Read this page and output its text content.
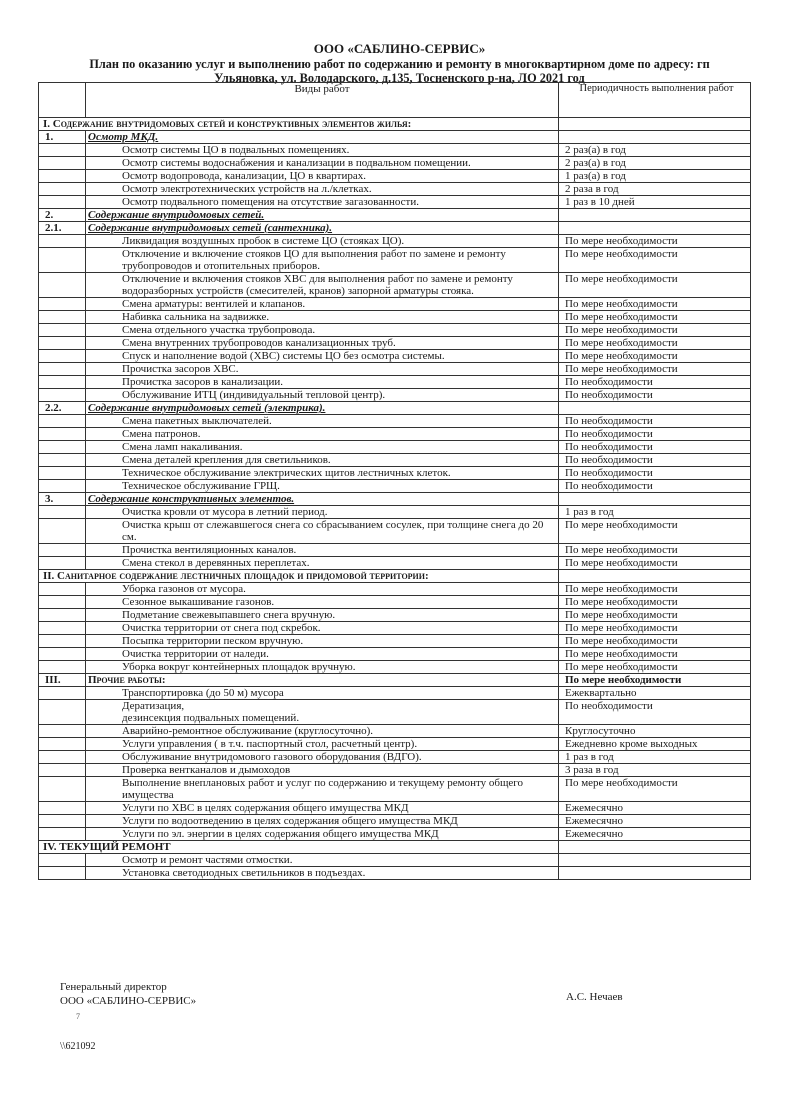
ООО «САБЛИНО-СЕРВИС»
План по оказанию услуг и выполнению работ по содержанию и ремонту в многоквартирном доме по адресу: гп
Ульяновка, ул. Володарского, д.135, Тосненского р-на, ЛО 2021 год
	Виды работ	Периодичность выполнения работ
I. Содержание внутридомовых сетей и конструктивных элементов жилья:		
1.	Осмотр МКД.	
	Осмотр системы ЦО в подвальных помещениях.	2 раз(а) в год
	Осмотр системы водоснабжения и канализации в подвальном помещении.	2 раз(а) в год
	Осмотр водопровода, канализации, ЦО в квартирах.	1 раз(а) в год
	Осмотр электротехнических устройств на л./клетках.	2 раза в год
	Осмотр подвального помещения на отсутствие загазованности.	1 раз в 10 дней
2.	Содержание внутридомовых сетей.	
2.1.	Содержание внутридомовых сетей (сантехника).	
	Ликвидация воздушных пробок в системе ЦО (стояках ЦО).	По мере необходимости
	Отключение и включение стояков ЦО для выполнения работ по замене и ремонту трубопроводов и отопительных приборов.	По мере необходимости
	Отключение и включения стояков ХВС для выполнения работ по замене и ремонту водоразборных устройств (смесителей, кранов) запорной арматуры стояка.	По мере необходимости
	Смена арматуры: вентилей и клапанов.	По мере необходимости
	Набивка сальника на задвижке.	По мере необходимости
	Смена отдельного участка трубопровода.	По мере необходимости
	Смена внутренних трубопроводов канализационных труб.	По мере необходимости
	Спуск и наполнение водой (ХВС) системы ЦО без осмотра системы.	По мере необходимости
	Прочистка засоров ХВС.	По мере необходимости
	Прочистка засоров в канализации.	По необходимости
	Обслуживание ИТЦ (индивидуальный тепловой центр).	По необходимости
2.2.	Содержание внутридомовых сетей (электрика).	
	Смена пакетных выключателей.	По необходимости
	Смена патронов.	По необходимости
	Смена ламп накаливания.	По необходимости
	Смена деталей крепления для светильников.	По необходимости
	Техническое обслуживание электрических щитов лестничных клеток.	По необходимости
	Техническое обслуживание ГРЩ.	По необходимости
3.	Содержание конструктивных элементов.	
	Очистка кровли от мусора в летний период.	1 раз в год
	Очистка крыш от слежавшегося снега со сбрасыванием сосулек, при толщине снега до 20 см.	По мере необходимости
	Прочистка вентиляционных каналов.	По мере необходимости
	Смена стекол в деревянных переплетах.	По мере необходимости
II. Санитарное содержание лестничных площадок и придомовой территории:		
	Уборка газонов от мусора.	По мере необходимости
	Сезонное выкашивание газонов.	По мере необходимости
	Подметание свежевыпавшего снега вручную.	По мере необходимости
	Очистка территории от снега под скребок.	По мере необходимости
	Посыпка территории песком вручную.	По мере необходимости
	Очистка территории от наледи.	По мере необходимости
	Уборка вокруг контейнерных площадок вручную.	По мере необходимости
III.	Прочие работы:	По мере необходимости
	Транспортировка (до 50 м) мусора	Ежеквартально
	Дератизация,
дезинсекция подвальных помещений.	По необходимости
	Аварийно-ремонтное обслуживание (круглосуточно).	Круглосуточно
	Услуги управления ( в т.ч. паспортный стол, расчетный центр).	Ежедневно кроме выходных
	Обслуживание внутридомового газового оборудования (ВДГО).	1 раз в год
	Проверка вентканалов и дымоходов	3 раза в год
	Выполнение внеплановых работ и услуг по содержанию и текущему ремонту общего имущества	По мере необходимости
	Услуги по ХВС в целях содержания общего имущества МКД	Ежемесячно
	Услуги по водоотведению в целях содержания общего имущества МКД	Ежемесячно
	Услуги по эл. энергии в целях содержания общего имущества МКД	Ежемесячно
IV. ТЕКУЩИЙ РЕМОНТ		
	Осмотр и ремонт частями отмостки.	
	Установка светодиодных светильников в подъездах.	
Генеральный директор
ООО «САБЛИНО-СЕРВИС»	А.С. Нечаев
7
\\621092
